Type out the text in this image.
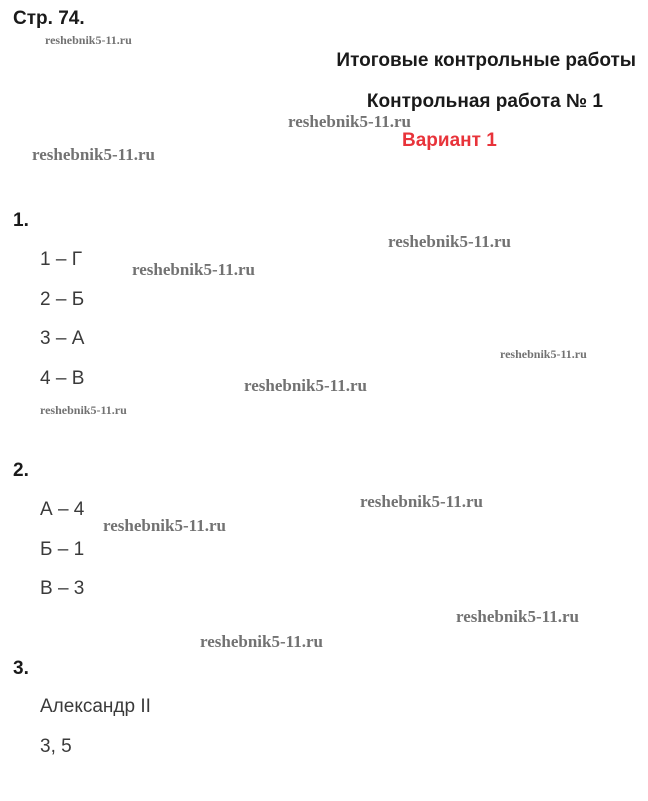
Стр. 74.
Итоговые контрольные работы
Контрольная работа № 1
Вариант 1
1.
1 – Г
2 – Б
3 – А
4 – В
2.
А – 4
Б – 1
В – 3
3.
Александр II
3, 5
reshebnik5-11.ru
reshebnik5-11.ru
reshebnik5-11.ru
reshebnik5-11.ru
reshebnik5-11.ru
reshebnik5-11.ru
reshebnik5-11.ru
reshebnik5-11.ru
reshebnik5-11.ru
reshebnik5-11.ru
reshebnik5-11.ru
reshebnik5-11.ru
